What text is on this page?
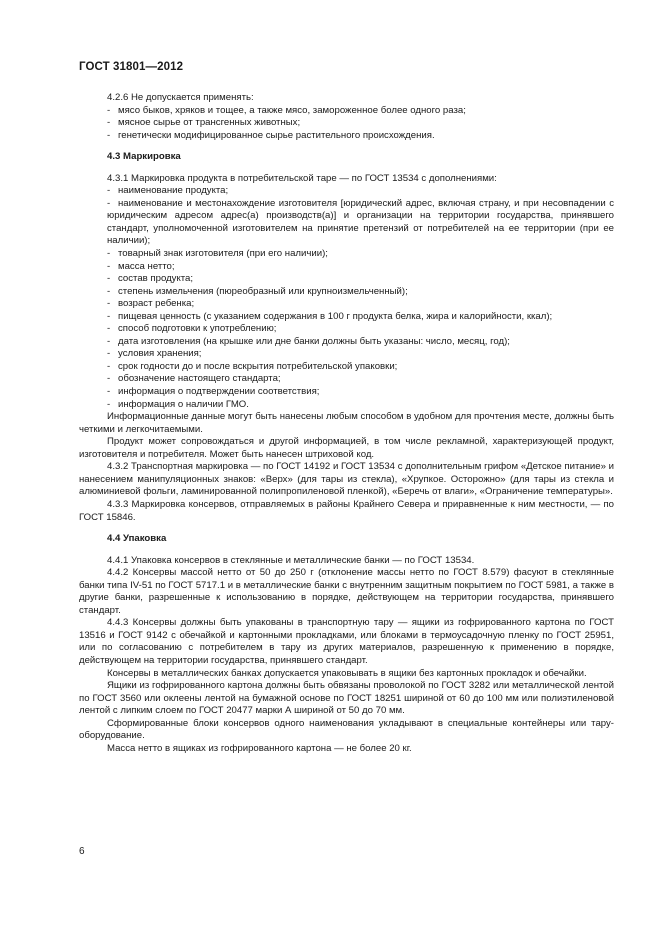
ГОСТ 31801—2012

4.2.6 Не допускается применять:

- мясо быков, хряков и тощее, а также мясо, замороженное более одного раза;

- мясное сырье от трансгенных животных;

- генетически модифицированное сырье растительного происхождения.

4.3 Маркировка

4.3.1 Маркировка продукта в потребительской таре — по ГОСТ 13534 с дополнениями:

- наименование продукта;

- наименование и местонахождение изготовителя [юридический адрес, включая страну, и при несовпадении с юридическим адресом адрес(а) производств(а)] и организации на территории государства, принявшего стандарт, уполномоченной изготовителем на принятие претензий от потребителей на ее территории (при ее наличии);

- товарный знак изготовителя (при его наличии);

- масса нетто;

- состав продукта;

- степень измельчения (пюреобразный или крупноизмельченный);

- возраст ребенка;

- пищевая ценность (с указанием содержания в 100 г продукта белка, жира и калорийности, ккал);

- способ подготовки к употреблению;

- дата изготовления (на крышке или дне банки должны быть указаны: число, месяц, год);

- условия хранения;

- срок годности до и после вскрытия потребительской упаковки;

- обозначение настоящего стандарта;

- информация о подтверждении соответствия;

- информация о наличии ГМО.

Информационные данные могут быть нанесены любым способом в удобном для прочтения месте, должны быть четкими и легкочитаемыми.

Продукт может сопровождаться и другой информацией, в том числе рекламной, характеризующей продукт, изготовителя и потребителя. Может быть нанесен штриховой код.

4.3.2 Транспортная маркировка — по ГОСТ 14192 и ГОСТ 13534 с дополнительным грифом «Детское питание» и нанесением манипуляционных знаков: «Верх» (для тары из стекла), «Хрупкое. Осторожно» (для тары из стекла и алюминиевой фольги, ламинированной полипропиленовой пленкой), «Беречь от влаги», «Ограничение температуры».

4.3.3 Маркировка консервов, отправляемых в районы Крайнего Севера и приравненные к ним местности, — по ГОСТ 15846.

4.4 Упаковка

4.4.1 Упаковка консервов в стеклянные и металлические банки — по ГОСТ 13534.

4.4.2 Консервы массой нетто от 50 до 250 г (отклонение массы нетто по ГОСТ 8.579) фасуют в стеклянные банки типа IV-51 по ГОСТ 5717.1 и в металлические банки с внутренним защитным покрытием по ГОСТ 5981, а также в другие банки, разрешенные к использованию в порядке, действующем на территории государства, принявшего стандарт.

4.4.3 Консервы должны быть упакованы в транспортную тару — ящики из гофрированного картона по ГОСТ 13516 и ГОСТ 9142 с обечайкой и картонными прокладками, или блоками в термоусадочную пленку по ГОСТ 25951, или по согласованию с потребителем в тару из других материалов, разрешенную к применению в порядке, действующем на территории государства, принявшего стандарт.

Консервы в металлических банках допускается упаковывать в ящики без картонных прокладок и обечайки.

Ящики из гофрированного картона должны быть обвязаны проволокой по ГОСТ 3282 или металлической лентой по ГОСТ 3560 или оклеены лентой на бумажной основе по ГОСТ 18251 шириной от 60 до 100 мм или полиэтиленовой лентой с липким слоем по ГОСТ 20477 марки А шириной от 50 до 70 мм.

Сформированные блоки консервов одного наименования укладывают в специальные контейнеры или тару-оборудование.

Масса нетто в ящиках из гофрированного картона — не более 20 кг.

6
